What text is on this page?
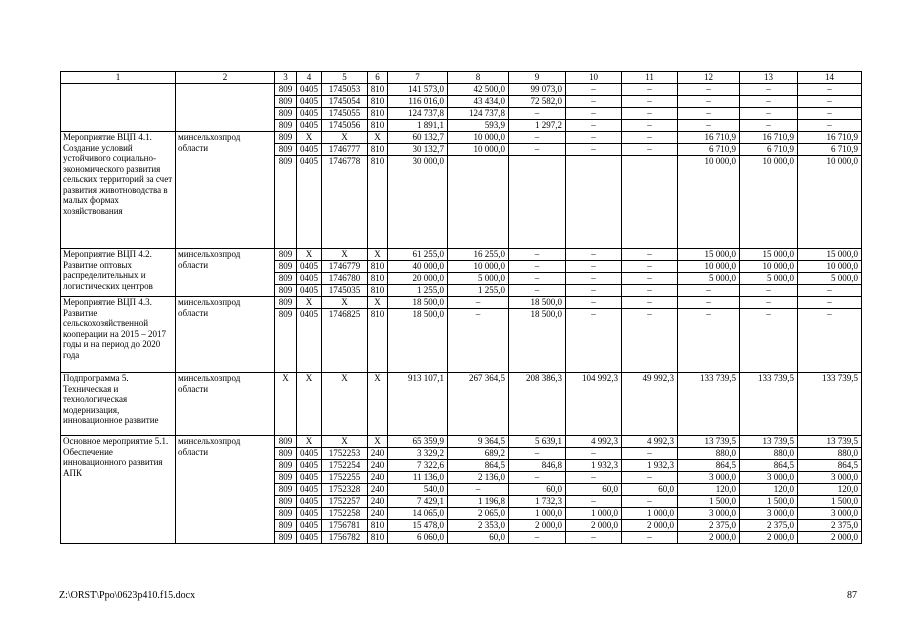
1	2	3	4	5	6	7	8	9	10	11	12	13	14
		809	0405	1745053	810	141 573,0	42 500,0	99 073,0	–	–	–	–	–
		809	0405	1745054	810	116 016,0	43 434,0	72 582,0	–	–	–	–	–
		809	0405	1745055	810	124 737,8	124 737,8	–	–	–	–	–	–
		809	0405	1745056	810	1 891,1	593,9	1 297,2	–	–	–	–	–
Мероприятие ВЦП 4.1. Создание условий устойчивого социально-экономического развития сельских территорий за счет развития животноводства в малых формах хозяйствования	минсельхозпрод области	809	X	X	X	60 132,7	10 000,0	–	–	–	16 710,9	16 710,9	16 710,9
		809	0405	1746777	810	30 132,7	10 000,0	–	–	–	6 710,9	6 710,9	6 710,9
		809	0405	1746778	810	30 000,0					10 000,0	10 000,0	10 000,0
Мероприятие ВЦП 4.2. Развитие оптовых распределительных и логистических центров	минсельхозпрод области	809	X	X	X	61 255,0	16 255,0	–	–	–	15 000,0	15 000,0	15 000,0
		809	0405	1746779	810	40 000,0	10 000,0	–	–	–	10 000,0	10 000,0	10 000,0
		809	0405	1746780	810	20 000,0	5 000,0	–	–	–	5 000,0	5 000,0	5 000,0
		809	0405	1745035	810	1 255,0	1 255,0	–	–	–	–	–	–
Мероприятие ВЦП 4.3. Развитие сельскохозяйственной кооперации на 2015 – 2017 годы и на период до 2020 года	минсельхозпрод области	809	X	X	X	18 500,0	–	18 500,0	–	–	–	–	–
		809	0405	1746825	810	18 500,0	–	18 500,0	–	–	–	–	–
Подпрограмма 5. Техническая и технологическая модернизация, инновационное развитие	минсельхозпрод области	X	X	X	X	913 107,1	267 364,5	208 386,3	104 992,3	49 992,3	133 739,5	133 739,5	133 739,5
Основное мероприятие 5.1. Обеспечение инновационного развития АПК	минсельхозпрод области	809	X	X	X	65 359,9	9 364,5	5 639,1	4 992,3	4 992,3	13 739,5	13 739,5	13 739,5
		809	0405	1752253	240	3 329,2	689,2	–	–	–	880,0	880,0	880,0
		809	0405	1752254	240	7 322,6	864,5	846,8	1 932,3	1 932,3	864,5	864,5	864,5
		809	0405	1752255	240	11 136,0	2 136,0	–	–	–	3 000,0	3 000,0	3 000,0
		809	0405	1752328	240	540,0	–	60,0	60,0	60,0	120,0	120,0	120,0
		809	0405	1752257	240	7 429,1	1 196,8	1 732,3	–	–	1 500,0	1 500,0	1 500,0
		809	0405	1752258	240	14 065,0	2 065,0	1 000,0	1 000,0	1 000,0	3 000,0	3 000,0	3 000,0
		809	0405	1756781	810	15 478,0	2 353,0	2 000,0	2 000,0	2 000,0	2 375,0	2 375,0	2 375,0
		809	0405	1756782	810	6 060,0	60,0	–	–	–	2 000,0	2 000,0	2 000,0
Z:\ORST\Ppo\0623p410.f15.docx	87
